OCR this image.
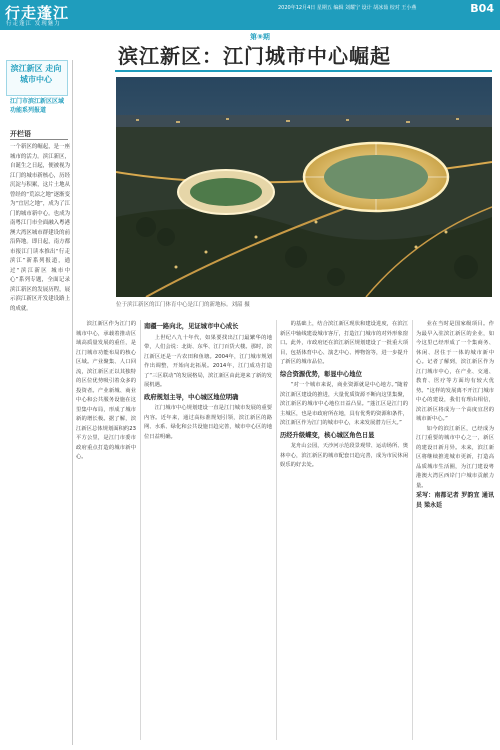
行走蓬江
行走蓬江 发现魅力
2020年12月4日 星期五 编辑 刘耀宁 设计 胡冰茹 校对 王小燕	B04
第⑨期
滨江新区：江门城市中心崛起
滨江新区 走向城市中心
江门市滨江新区区域功能系列报道
开栏语
一个新区的崛起，是一座城市的活力。滨江新区，自诞生之日起，便被视为江门的城市新核心，历经沉淀与积累，这片土地从曾经的“荒凉之地”逐渐变为“宜居之地”，成为了江门的城市新中心。也成为南粤江门市全面融入粤港澳大湾区城市群建设的前沿阵地。即日起，南方都市报江门读本推出“行走滨江”新系列报道，通过“滨江新区 城市中心”系列专题，全面记录滨江新区的发展历程，展示滨江新区开发建设路上的成就。
位于滨江新区的江门体育中心是江门的新地标。刘韶 摄

滨江新区作为江门的城市中心，承载着推动区域高质量发展的重任，是江门城市功能布局的核心区域。产业聚集、人口回流，滨江新区正以其独特的区位优势吸引着众多的投资者。产业新城、商业中心和公共服务设施在这里集中布局，形成了城市新的增长极。据了解，滨江新区总体规划面积约23平方公里，是江门市委市政府重点打造的城市新中心。

南疆一路向北，见证城市中心成长

上世纪八九十年代，如果要找出江门最繁华的地带，人们会说：北街、东华、江门百货大楼。那时，滨江新区还是一片农田和鱼塘。2004年，江门城市规划作出调整，开始向北拓展。2014年，江门成功打造了“三区联动”的发展格局，滨江新区由此迎来了新的发展机遇。

政府规划主导，中心城区地位明确

江门城市中心规划建设一直是江门城市发展的重要内容。近年来，通过高标准规划引领，滨江新区的路网、水系、绿化和公共设施日趋完善，城市中心区的地位日益明确。

的基础上，结合滨江新区现状和建设进度，在滨江新区中轴线建设城市客厅，打造江门城市的对外形象窗口。此外，市政府还在滨江新区规划建设了一批重大项目，包括体育中心、演艺中心、博物馆等，进一步提升了新区的城市品位。

综合资源优势，彰显中心地位

“对一个城市来说，商业资源就是中心地方。”随着滨江新区建设的推进，大量优质资源不断向这里集聚，滨江新区的城市中心地位日益凸显。“蓬江区是江门的主城区，也是市政府所在地，具有优秀的资源和条件，滨江新区作为江门的城市中心，未来发展潜力巨大。”

历经升级蝶变，核心城区角色日显

龙舟山公园，天沙河示范段景观带、运动场所、奥林中心，滨江新区的城市配套日趋完善，成为市民休闲娱乐的好去处。

业在当时是国家级项目。作为最早入驻滨江新区的企业，如今这里已经形成了一个集商务、休闲、居住于一体的城市新中心。记者了解到，滨江新区作为江门城市中心，在产业、交通、教育、医疗等方面均有较大优势。“这样的发展离不开江门城市中心的建设，我们有理由相信，滨江新区将成为一个高度宜居的城市新中心。”

如今的滨江新区，已经成为江门重要的城市中心之一，新区的建设日新月异。未来，滨江新区将继续推进城市更新，打造高品质城市生活圈，为江门建设粤港澳大湾区西岸门户城市贡献力量。

采写：南都记者 罗韵宜 通讯员 梁永廷
